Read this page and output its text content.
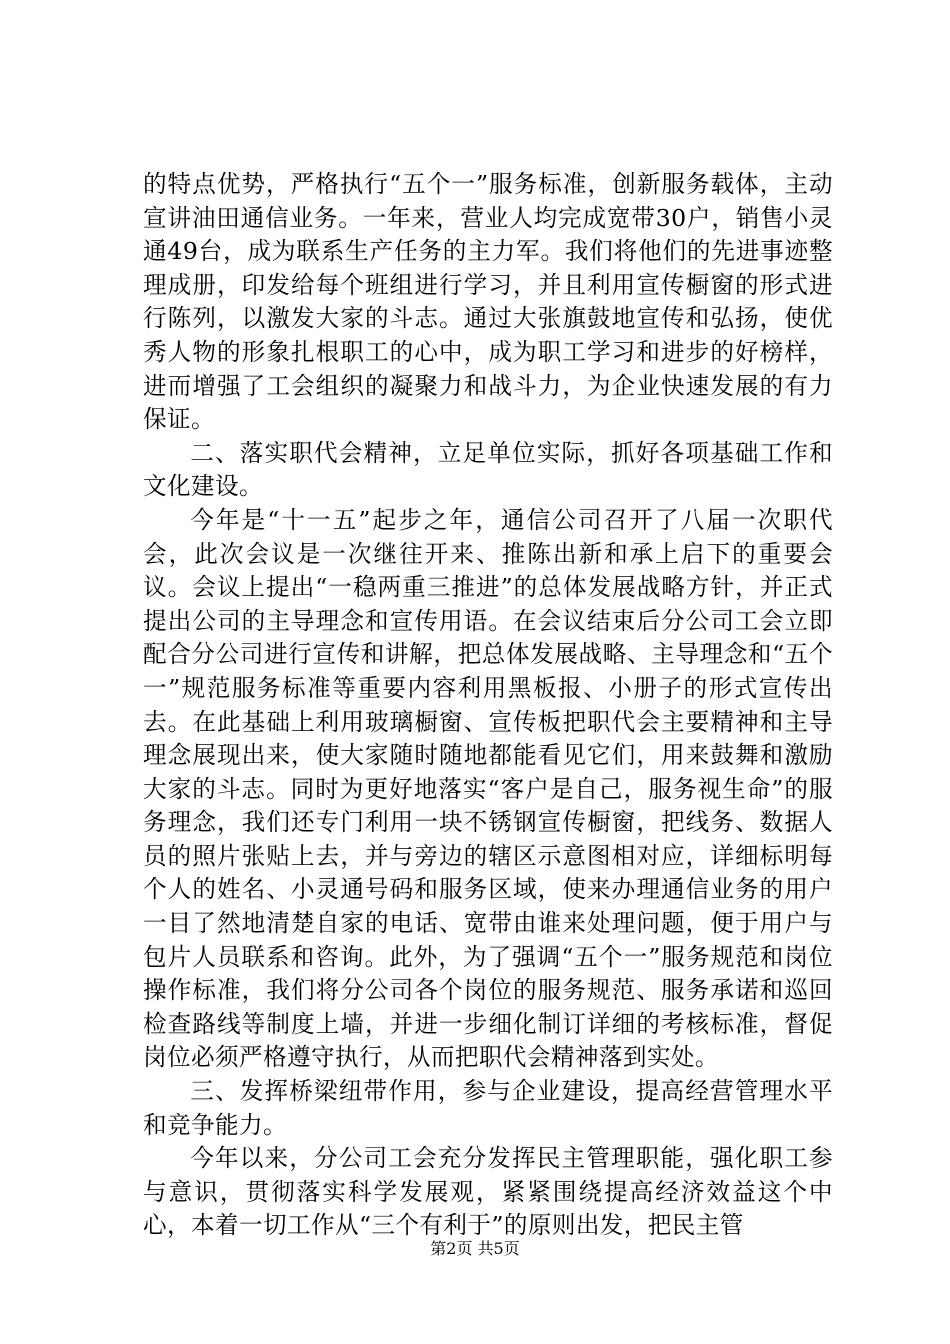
的特点优势，严格执行“五个一”服务标准，创新服务载体，主动宣讲油田通信业务。一年来，营业人均完成宽带30户，销售小灵通49台，成为联系生产任务的主力军。我们将他们的先进事迹整理成册，印发给每个班组进行学习，并且利用宣传橱窗的形式进行陈列，以激发大家的斗志。通过大张旗鼓地宣传和弘扬，使优秀人物的形象扎根职工的心中，成为职工学习和进步的好榜样，进而增强了工会组织的凝聚力和战斗力，为企业快速发展的有力保证。

二、落实职代会精神，立足单位实际，抓好各项基础工作和文化建设。

今年是“十一五”起步之年，通信公司召开了八届一次职代会，此次会议是一次继往开来、推陈出新和承上启下的重要会议。会议上提出“一稳两重三推进”的总体发展战略方针，并正式提出公司的主导理念和宣传用语。在会议结束后分公司工会立即配合分公司进行宣传和讲解，把总体发展战略、主导理念和“五个一”规范服务标准等重要内容利用黑板报、小册子的形式宣传出去。在此基础上利用玻璃橱窗、宣传板把职代会主要精神和主导理念展现出来，使大家随时随地都能看见它们，用来鼓舞和激励大家的斗志。同时为更好地落实“客户是自己，服务视生命”的服务理念，我们还专门利用一块不锈钢宣传橱窗，把线务、数据人员的照片张贴上去，并与旁边的辖区示意图相对应，详细标明每个人的姓名、小灵通号码和服务区域，使来办理通信业务的用户一目了然地清楚自家的电话、宽带由谁来处理问题，便于用户与包片人员联系和咨询。此外，为了强调“五个一”服务规范和岗位操作标准，我们将分公司各个岗位的服务规范、服务承诺和巡回检查路线等制度上墙，并进一步细化制订详细的考核标准，督促岗位必须严格遵守执行，从而把职代会精神落到实处。

三、发挥桥梁纽带作用，参与企业建设，提高经营管理水平和竞争能力。

今年以来，分公司工会充分发挥民主管理职能，强化职工参与意识，贯彻落实科学发展观，紧紧围绕提高经济效益这个中心，本着一切工作从“三个有利于”的原则出发，把民主管

第2页 共5页
